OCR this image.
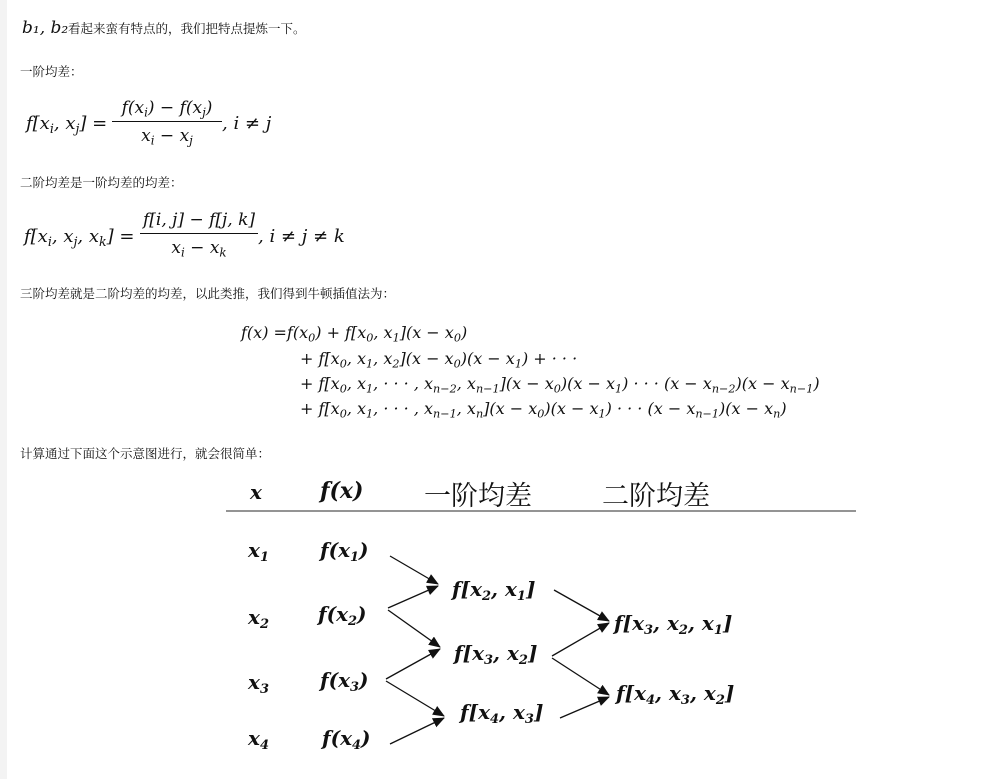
b₁, b₂ 看起来蛮有特点的，我们把特点提炼一下。
一阶均差：
$f[x_i$, $x_j$] =
$f(x_i) - f(x_j)$
$x_i - x_j$
, i ≠ j
二阶均差是一阶均差的均差：
$f[x_i$, $x_j$, $x_k$] =
f[i, j] − f[j, k]
$x_i - x_k$
, i ≠ j ≠ k
三阶均差就是二阶均差的均差，以此类推，我们得到牛顿插值法为：
$f(x) =f(x_0) + f[x_0$, $x_1](x - x_0)$
+ $f[x_0$, $x_1$, $x_2](x - x_0)(x - x_1)$ + · · ·
+ $f[x_0$, $x_1$, · · · , $x_{n-2}$, $x_{n-1}](x - x_0)(x - x_1)$ · · · $(x - x_{n-2})(x - x_{n-1})$
+ $f[x_0$, $x_1$, · · · , $x_{n-1}$, $x_n](x - x_0)(x - x_1)$ · · · $(x - x_{n-1})(x - x_n)$
计算通过下面这个示意图进行，就会很简单：
x	f(x) 一阶均差	二阶均差
$x_1$
$x_2$
$x_3$
$x_4$
$f(x_1)$
$f(x_2)$
$f(x_3)$
$f(x_4)$
$f[x_2$, $x_1$]
$f[x_3$, $x_2$]
$f[x_4$, $x_3$]
$f[x_3$, $x_2$, $x_1$]
$f[x_4$, $x_3$, $x_2$]
